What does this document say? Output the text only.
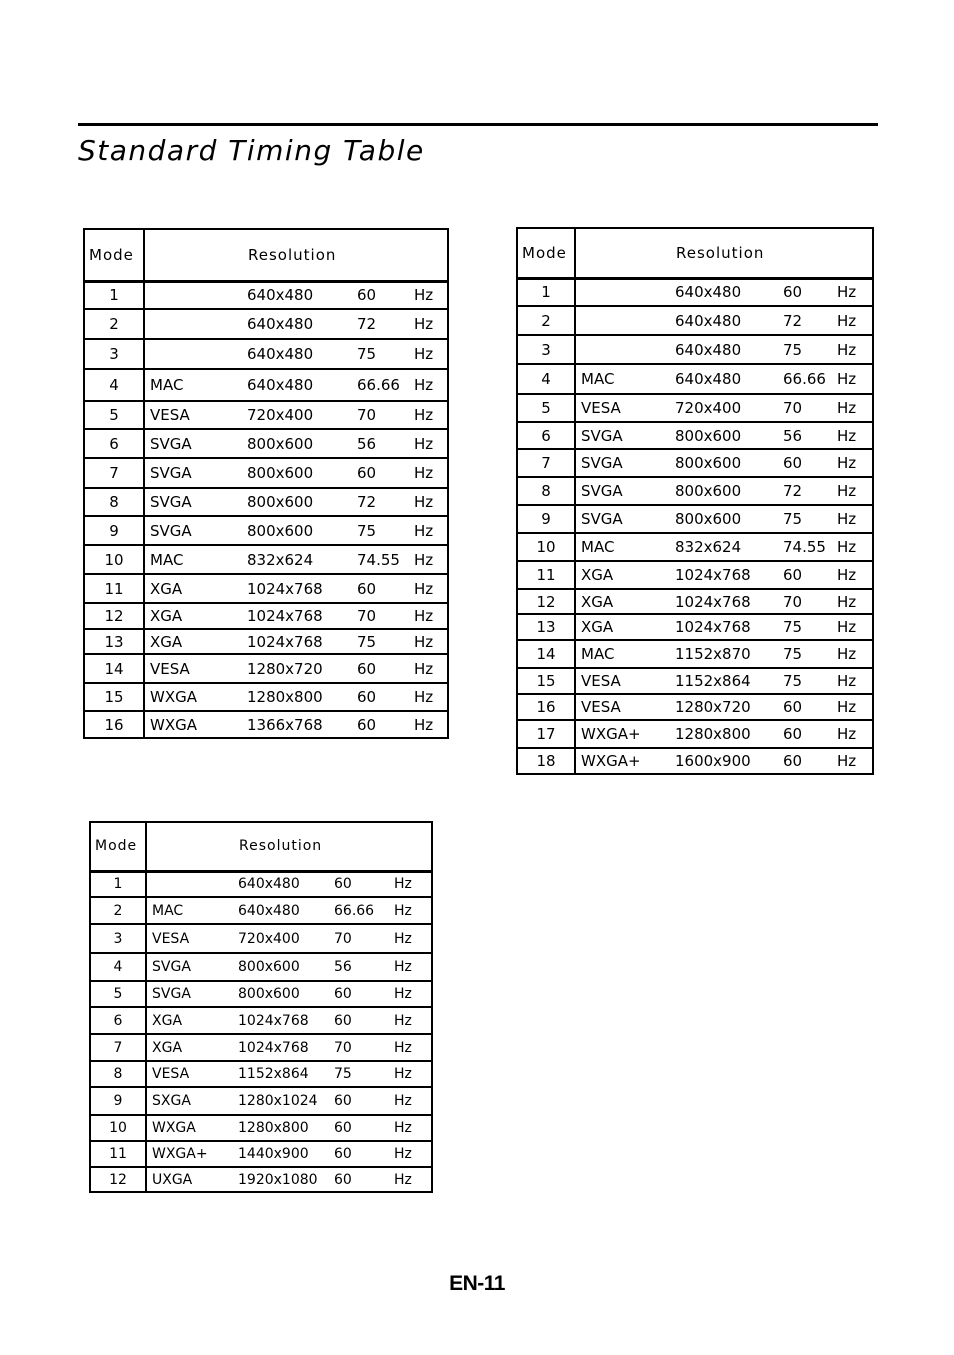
Standard Timing Table
Mode	Resolution			
1		640x480	60	Hz
2		640x480	72	Hz
3		640x480	75	Hz
4	MAC	640x480	66.66	Hz
5	VESA	720x400	70	Hz
6	SVGA	800x600	56	Hz
7	SVGA	800x600	60	Hz
8	SVGA	800x600	72	Hz
9	SVGA	800x600	75	Hz
10	MAC	832x624	74.55	Hz
11	XGA	1024x768	60	Hz
12	XGA	1024x768	70	Hz
13	XGA	1024x768	75	Hz
14	VESA	1280x720	60	Hz
15	WXGA	1280x800	60	Hz
16	WXGA	1366x768	60	Hz
Mode	Resolution			
1		640x480	60	Hz
2		640x480	72	Hz
3		640x480	75	Hz
4	MAC	640x480	66.66	Hz
5	VESA	720x400	70	Hz
6	SVGA	800x600	56	Hz
7	SVGA	800x600	60	Hz
8	SVGA	800x600	72	Hz
9	SVGA	800x600	75	Hz
10	MAC	832x624	74.55	Hz
11	XGA	1024x768	60	Hz
12	XGA	1024x768	70	Hz
13	XGA	1024x768	75	Hz
14	MAC	1152x870	75	Hz
15	VESA	1152x864	75	Hz
16	VESA	1280x720	60	Hz
17	WXGA+	1280x800	60	Hz
18	WXGA+	1600x900	60	Hz
Mode	Resolution			
1		640x480	60	Hz
2	MAC	640x480	66.66	Hz
3	VESA	720x400	70	Hz
4	SVGA	800x600	56	Hz
5	SVGA	800x600	60	Hz
6	XGA	1024x768	60	Hz
7	XGA	1024x768	70	Hz
8	VESA	1152x864	75	Hz
9	SXGA	1280x1024	60	Hz
10	WXGA	1280x800	60	Hz
11	WXGA+	1440x900	60	Hz
12	UXGA	1920x1080	60	Hz
EN-11
